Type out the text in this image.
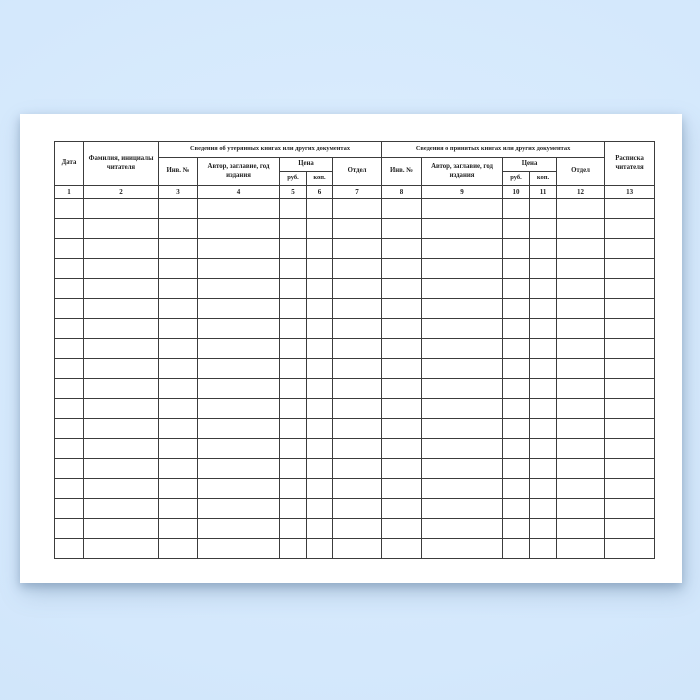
Дата	Фамилия, инициалы читателя	Сведения об утерянных книгах или других документах					Сведения о принятых книгах или других документах					Расписка читателя
		Инв. №	Автор, заглавие, год издания	Цена		Отдел	Инв. №	Автор, заглавие, год издания	Цена		Отдел	
				руб.	коп.				руб.	коп.		
1	2	3	4	5	6	7	8	9	10	11	12	13
